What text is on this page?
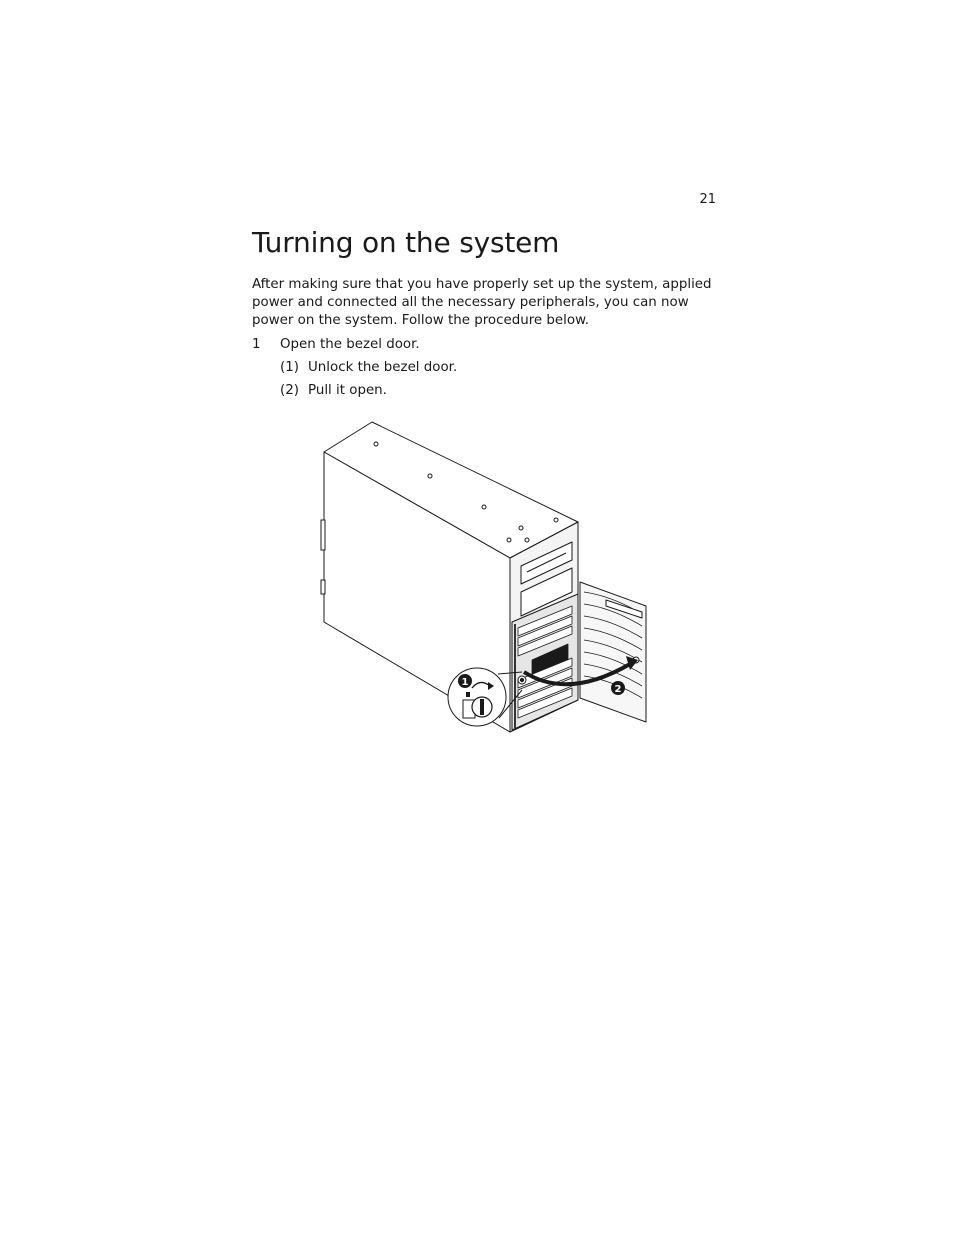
21
Turning on the system

After making sure that you have properly set up the system, applied
power and connected all the necessary peripherals, you can now
power on the system. Follow the procedure below.

1 Open the bezel door.
(1) Unlock the bezel door.
(2) Pull it open.
1
2
